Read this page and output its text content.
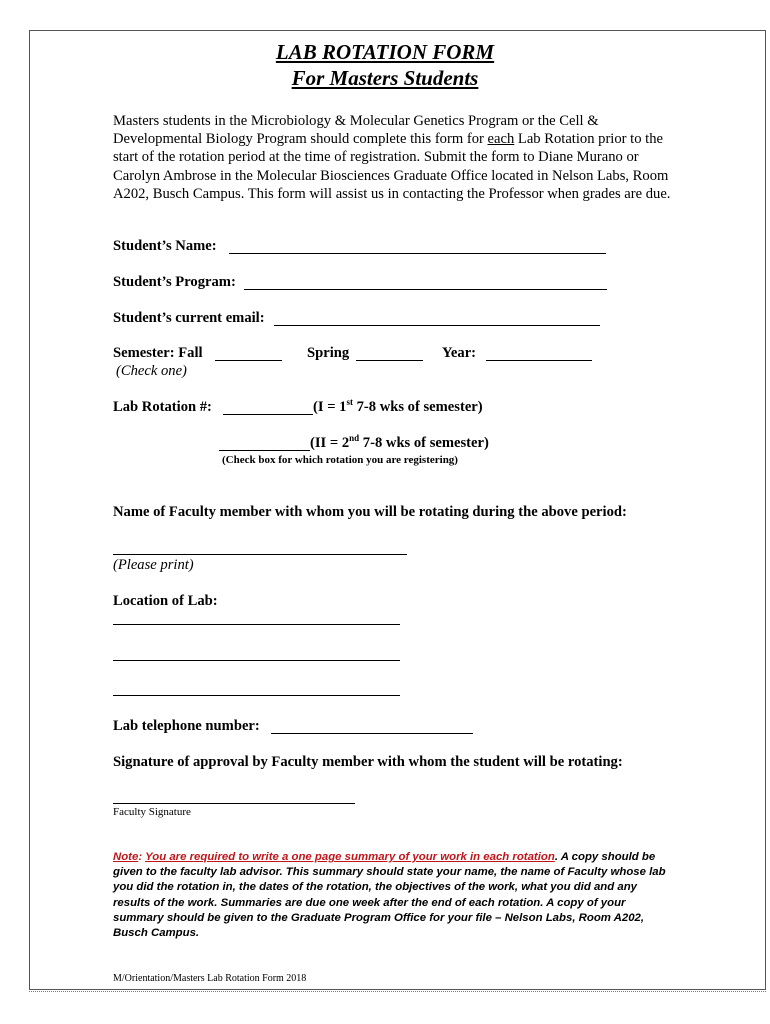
LAB ROTATION FORM
For Masters Students
Masters students in the Microbiology & Molecular Genetics Program or the Cell & Developmental Biology Program should complete this form for each Lab Rotation prior to the start of the rotation period at the time of registration. Submit the form to Diane Murano or Carolyn Ambrose in the Molecular Biosciences Graduate Office located in Nelson Labs, Room A202, Busch Campus. This form will assist us in contacting the Professor when grades are due.
Student’s Name:
Student’s Program:
Student’s current email:
Semester: Fall	Spring	Year:
(Check one)
Lab Rotation #:	(I = 1st 7-8 wks of semester)
(II = 2nd 7-8 wks of semester)
(Check box for which rotation you are registering)
Name of Faculty member with whom you will be rotating during the above period:
(Please print)
Location of Lab:
Lab telephone number:
Signature of approval by Faculty member with whom the student will be rotating:
Faculty Signature
Note: You are required to write a one page summary of your work in each rotation. A copy should be given to the faculty lab advisor. This summary should state your name, the name of Faculty whose lab you did the rotation in, the dates of the rotation, the objectives of the work, what you did and any results of the work. Summaries are due one week after the end of each rotation. A copy of your summary should be given to the Graduate Program Office for your file – Nelson Labs, Room A202, Busch Campus.
M/Orientation/Masters Lab Rotation Form 2018
